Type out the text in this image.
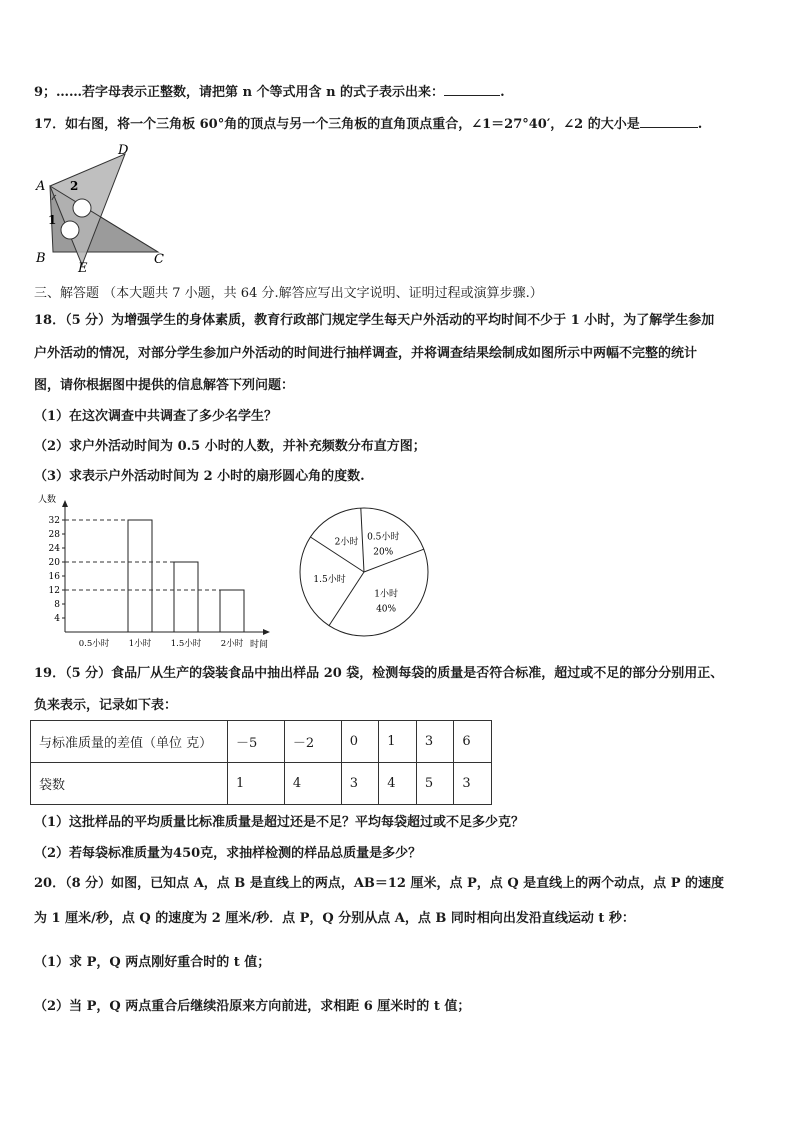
9；……若字母表示正整数，请把第 n 个等式用含 n 的式子表示出来：	.
17．如右图，将一个三角板 60°角的顶点与另一个三角板的直角顶点重合，∠1＝27°40′，∠2 的大小是	.
A
D
B	C
E
2
1
三、解答题 （本大题共 7 小题，共 64 分.解答应写出文字说明、证明过程或演算步骤.）
18．（5 分）为增强学生的身体素质，教育行政部门规定学生每天户外活动的平均时间不少于 1 小时，为了解学生参加
户外活动的情况，对部分学生参加户外活动的时间进行抽样调查，并将调查结果绘制成如图所示中两幅不完整的统计
图，请你根据图中提供的信息解答下列问题：
（1）在这次调查中共调查了多少名学生？
（2）求户外活动时间为 0.5 小时的人数，并补充频数分布直方图；
（3）求表示户外活动时间为 2 小时的扇形圆心角的度数.
人数
时间
4
8
12
16
20
24
28
32
0.5小时 1小时 1.5小时 2小时
1小时
40%
1.5小时
2小时 0.5小时
20%
19．（5 分）食品厂从生产的袋装食品中抽出样品 20 袋，检测每袋的质量是否符合标准，超过或不足的部分分别用正、
负来表示，记录如下表：
与标准质量的差值（单位 克）	－5	－2	0	1	3	6
袋数	1	4	3	4	5	3
（1）这批样品的平均质量比标准质量是超过还是不足？平均每袋超过或不足多少克？
（2）若每袋标准质量为450克，求抽样检测的样品总质量是多少？
20．（8 分）如图，已知点 A，点 B 是直线上的两点，AB＝12 厘米，点 P，点 Q 是直线上的两个动点，点 P 的速度
为 1 厘米/秒，点 Q 的速度为 2 厘米/秒．点 P，Q 分别从点 A，点 B 同时相向出发沿直线运动 t 秒：
（1）求 P，Q 两点刚好重合时的 t 值；
（2）当 P，Q 两点重合后继续沿原来方向前进，求相距 6 厘米时的 t 值；
